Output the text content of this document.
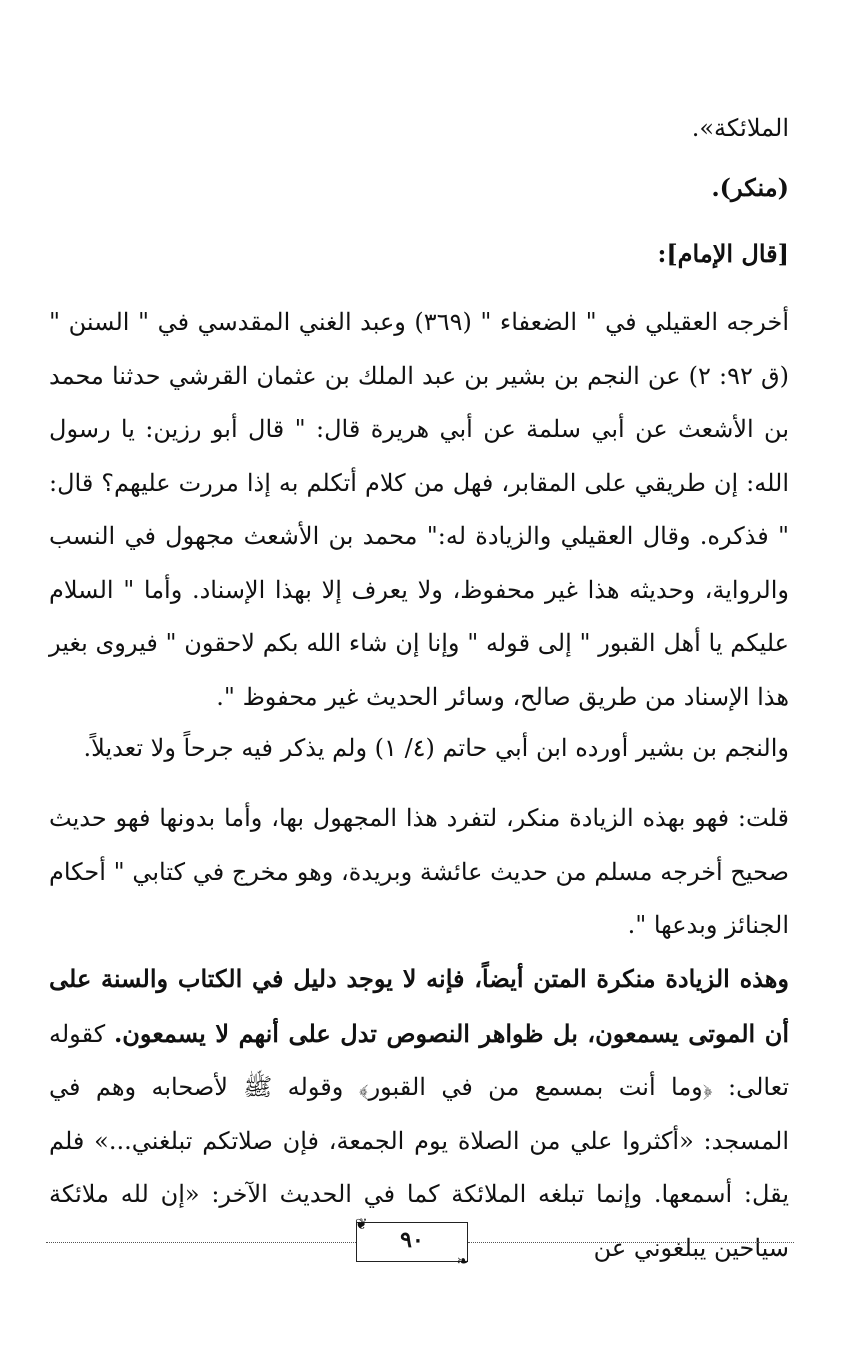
الملائكة».
(منكر).
[قال الإمام]:
أخرجه العقيلي في " الضعفاء " (٣٦٩) وعبد الغني المقدسي في " السنن " (ق ٩٢: ٢) عن النجم بن بشير بن عبد الملك بن عثمان القرشي حدثنا محمد بن الأشعث عن أبي سلمة عن أبي هريرة قال: " قال أبو رزين: يا رسول الله: إن طريقي على المقابر، فهل من كلام أتكلم به إذا مررت عليهم؟ قال: " فذكره. وقال العقيلي والزيادة له:" محمد بن الأشعث مجهول في النسب والرواية، وحديثه هذا غير محفوظ، ولا يعرف إلا بهذا الإسناد. وأما " السلام عليكم يا أهل القبور " إلى قوله " وإنا إن شاء الله بكم لاحقون " فيروى بغير هذا الإسناد من طريق صالح، وسائر الحديث غير محفوظ ".
والنجم بن بشير أورده ابن أبي حاتم (٤/ ١) ولم يذكر فيه جرحاً ولا تعديلاً.
قلت: فهو بهذه الزيادة منكر، لتفرد هذا المجهول بها، وأما بدونها فهو حديث صحيح أخرجه مسلم من حديث عائشة وبريدة، وهو مخرج في كتابي " أحكام الجنائز وبدعها ".
وهذه الزيادة منكرة المتن أيضاً، فإنه لا يوجد دليل في الكتاب والسنة على أن الموتى يسمعون، بل ظواهر النصوص تدل على أنهم لا يسمعون. كقوله تعالى: ﴿وما أنت بمسمع من في القبور﴾ وقوله ﷺ لأصحابه وهم في المسجد: «أكثروا علي من الصلاة يوم الجمعة، فإن صلاتكم تبلغني...» فلم يقل: أسمعها. وإنما تبلغه الملائكة كما في الحديث الآخر: «إن لله ملائكة سياحين يبلغوني عن
❦
٩٠
❧
